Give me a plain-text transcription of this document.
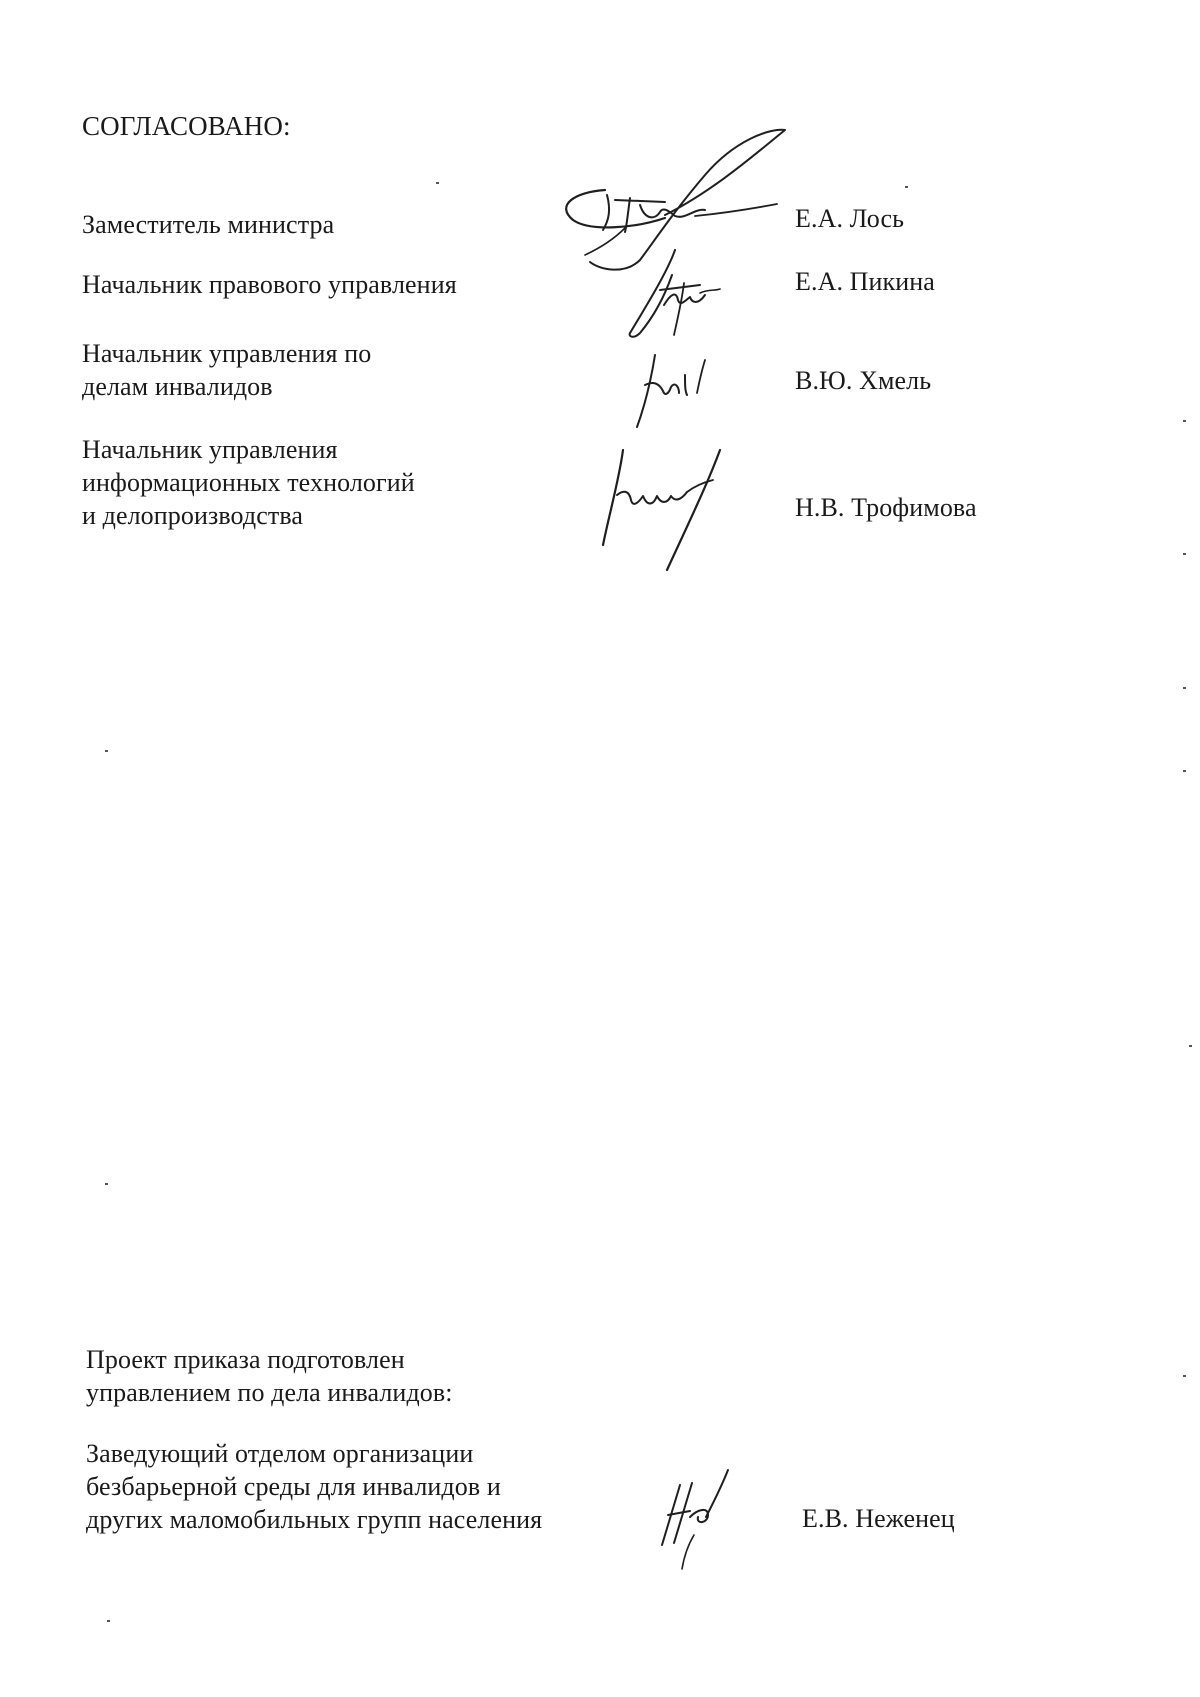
СОГЛАСОВАНО:
Заместитель министра	Е.А. Лось
Начальник правового управления	Е.А. Пикина
Начальник управления по
делам инвалидов	В.Ю. Хмель
Начальник управления
информационных технологий
и делопроизводства	Н.В. Трофимова
Проект приказа подготовлен
управлением по дела инвалидов:
Заведующий отделом организации
безбарьерной среды для инвалидов и
других маломобильных групп населения	Е.В. Неженец
